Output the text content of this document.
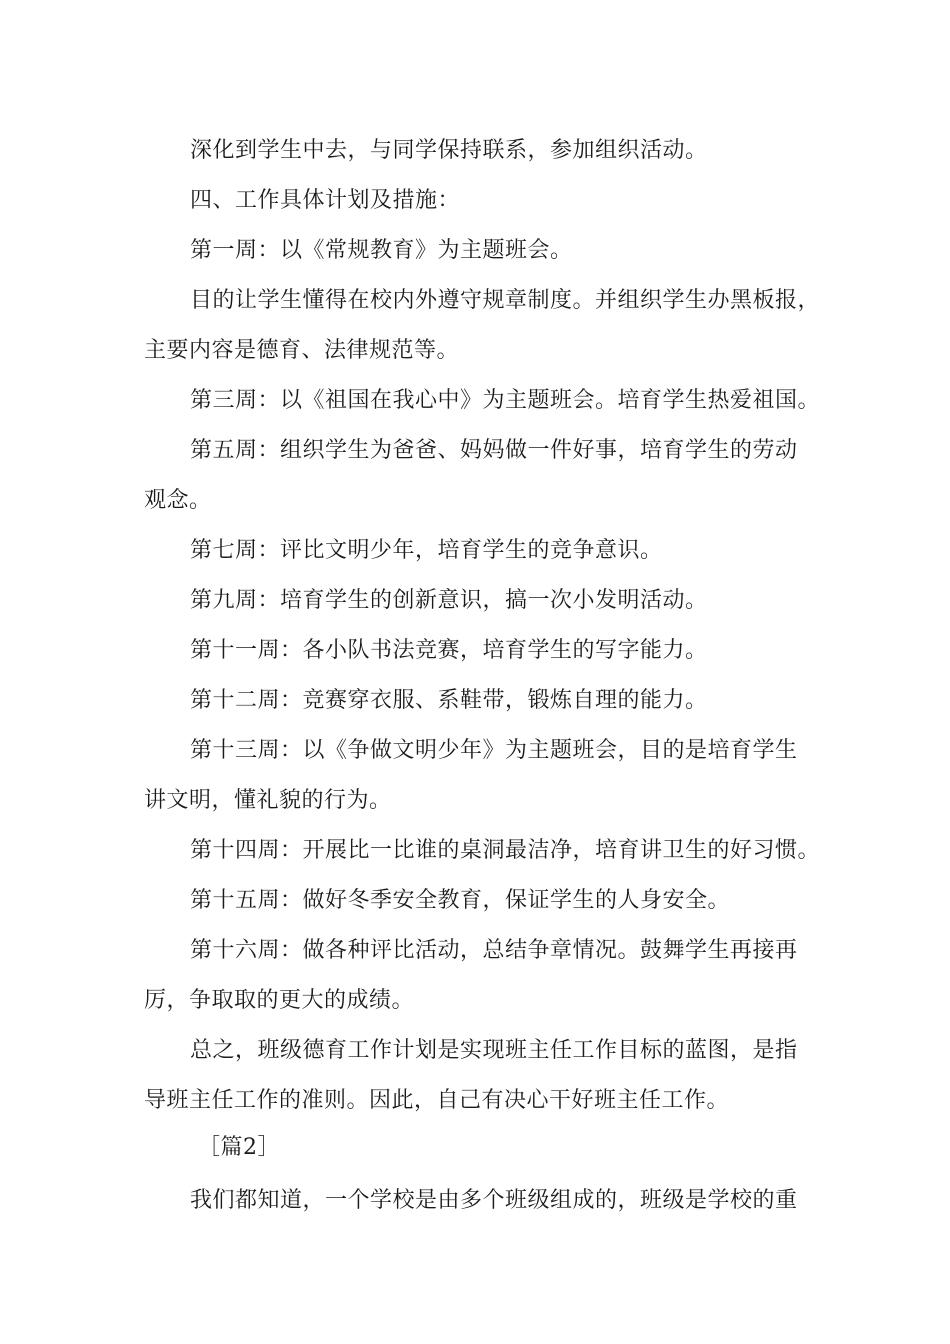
深化到学生中去，与同学保持联系，参加组织活动。
四、工作具体计划及措施：
第一周：以《常规教育》为主题班会。
目的让学生懂得在校内外遵守规章制度。并组织学生办黑板报，
主要内容是德育、法律规范等。
第三周：以《祖国在我心中》为主题班会。培育学生热爱祖国。
第五周：组织学生为爸爸、妈妈做一件好事，培育学生的劳动
观念。
第七周：评比文明少年，培育学生的竞争意识。
第九周：培育学生的创新意识，搞一次小发明活动。
第十一周：各小队书法竞赛，培育学生的写字能力。
第十二周：竞赛穿衣服、系鞋带，锻炼自理的能力。
第十三周：以《争做文明少年》为主题班会，目的是培育学生
讲文明，懂礼貌的行为。
第十四周：开展比一比谁的桌洞最洁净，培育讲卫生的好习惯。
第十五周：做好冬季安全教育，保证学生的人身安全。
第十六周：做各种评比活动，总结争章情况。鼓舞学生再接再
厉，争取取的更大的成绩。
总之，班级德育工作计划是实现班主任工作目标的蓝图，是指
导班主任工作的准则。因此，自己有决心干好班主任工作。
［篇2］
我们都知道，一个学校是由多个班级组成的，班级是学校的重
